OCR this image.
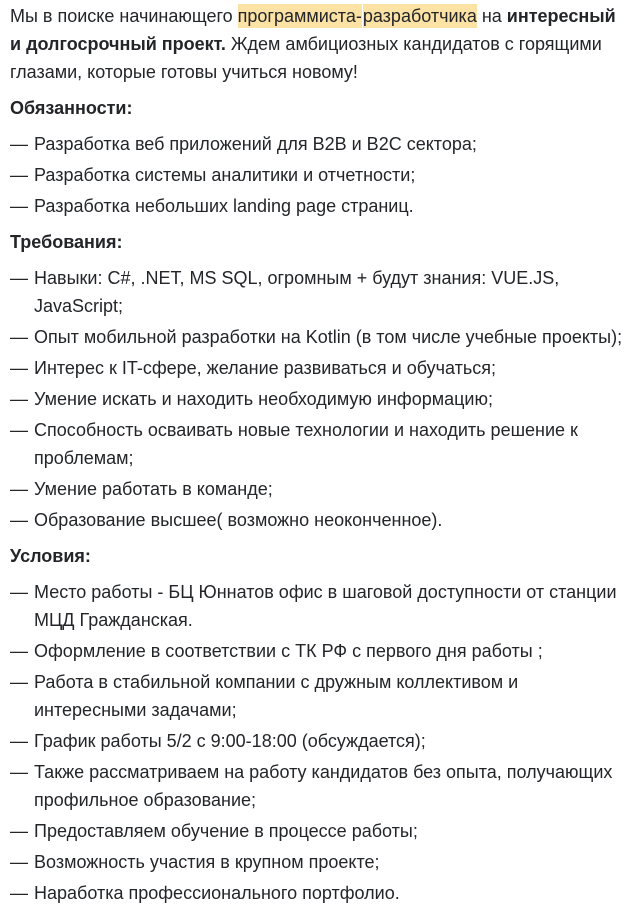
Мы в поиске начинающего программиста-разработчика на интересный и долгосрочный проект. Ждем амбициозных кандидатов с горящими глазами, которые готовы учиться новому!

Обязанности:

— Разработка веб приложений для B2B и B2C сектора;
— Разработка системы аналитики и отчетности;
— Разработка небольших landing page страниц.

Требования:

— Навыки: C#, .NET, MS SQL, огромным + будут знания: VUE.JS, JavaScript;
— Опыт мобильной разработки на Kotlin (в том числе учебные проекты);
— Интерес к IT-сфере, желание развиваться и обучаться;
— Умение искать и находить необходимую информацию;
— Способность осваивать новые технологии и находить решение к проблемам;
— Умение работать в команде;
— Образование высшее( возможно неоконченное).

Условия:

— Место работы - БЦ Юннатов офис в шаговой доступности от станции МЦД Гражданская.
— Оформление в соответствии с ТК РФ с первого дня работы ;
— Работа в стабильной компании с дружным коллективом и интересными задачами;
— График работы 5/2 с 9:00-18:00 (обсуждается);
— Также рассматриваем на работу кандидатов без опыта, получающих профильное образование;
— Предоставляем обучение в процессе работы;
— Возможность участия в крупном проекте;
— Наработка профессионального портфолио.
